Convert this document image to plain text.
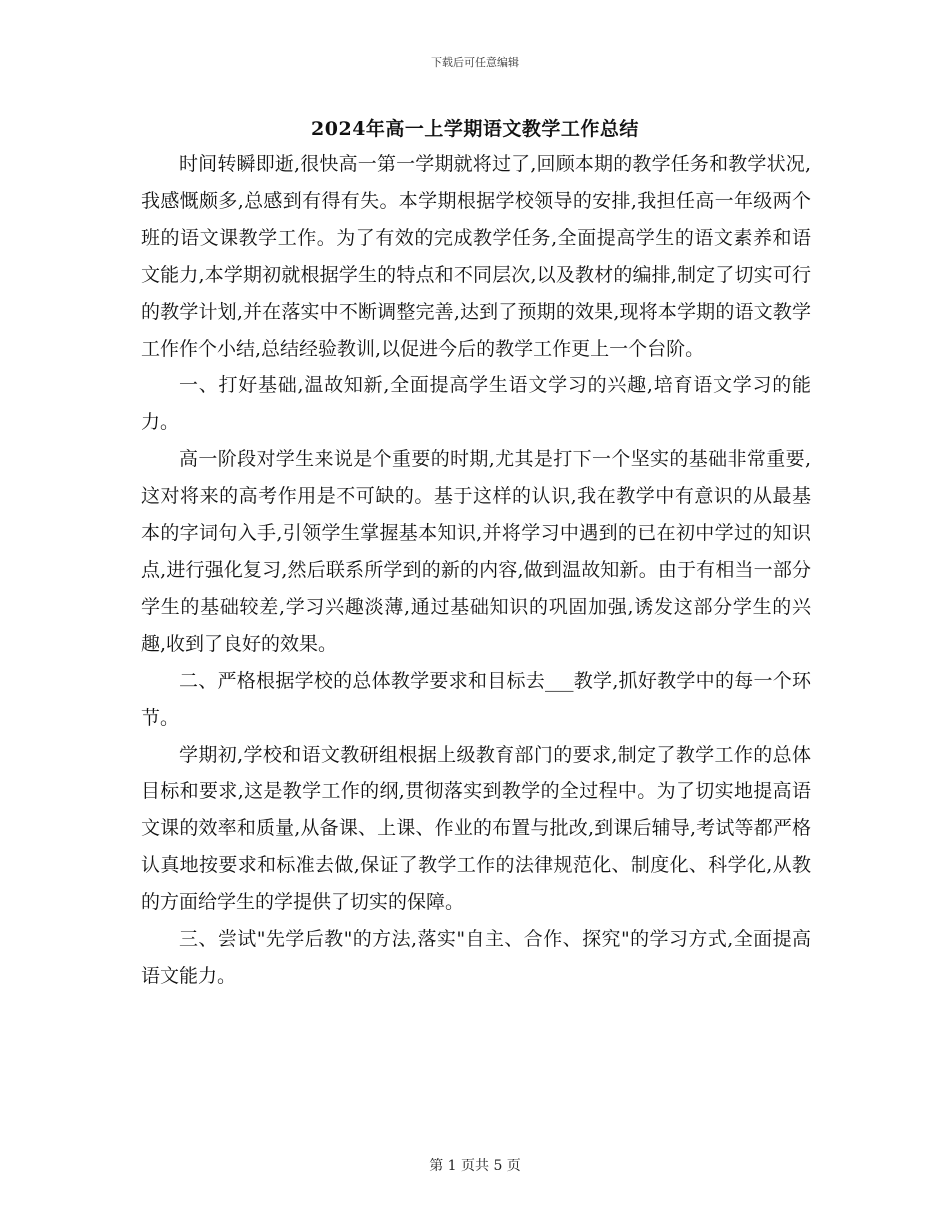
下载后可任意编辑
2024年高一上学期语文教学工作总结

时间转瞬即逝,很快高一第一学期就将过了,回顾本期的教学任务和教学状况,我感慨颇多,总感到有得有失。本学期根据学校领导的安排,我担任高一年级两个班的语文课教学工作。为了有效的完成教学任务,全面提高学生的语文素养和语文能力,本学期初就根据学生的特点和不同层次,以及教材的编排,制定了切实可行的教学计划,并在落实中不断调整完善,达到了预期的效果,现将本学期的语文教学工作作个小结,总结经验教训,以促进今后的教学工作更上一个台阶。

一、打好基础,温故知新,全面提高学生语文学习的兴趣,培育语文学习的能力。

高一阶段对学生来说是个重要的时期,尤其是打下一个坚实的基础非常重要,这对将来的高考作用是不可缺的。基于这样的认识,我在教学中有意识的从最基本的字词句入手,引领学生掌握基本知识,并将学习中遇到的已在初中学过的知识点,进行强化复习,然后联系所学到的新的内容,做到温故知新。由于有相当一部分学生的基础较差,学习兴趣淡薄,通过基础知识的巩固加强,诱发这部分学生的兴趣,收到了良好的效果。

二、严格根据学校的总体教学要求和目标去___教学,抓好教学中的每一个环节。

学期初,学校和语文教研组根据上级教育部门的要求,制定了教学工作的总体目标和要求,这是教学工作的纲,贯彻落实到教学的全过程中。为了切实地提高语文课的效率和质量,从备课、上课、作业的布置与批改,到课后辅导,考试等都严格认真地按要求和标准去做,保证了教学工作的法律规范化、制度化、科学化,从教的方面给学生的学提供了切实的保障。

三、尝试"先学后教"的方法,落实"自主、合作、探究"的学习方式,全面提高语文能力。

第 1 页共 5 页
